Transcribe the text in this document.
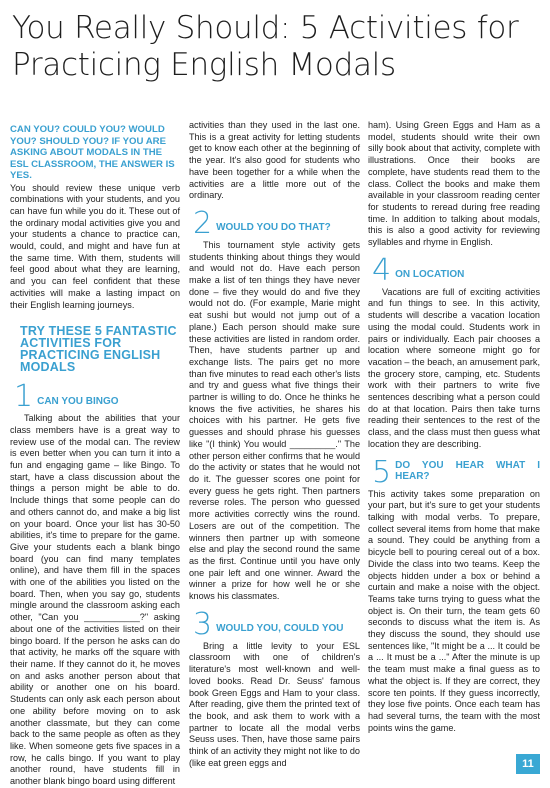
You Really Should: 5 Activities for Practicing English Modals
CAN YOU? COULD YOU? WOULD YOU? SHOULD YOU? IF YOU ARE ASKING ABOUT MODALS IN THE ESL CLASSROOM, THE ANSWER IS YES.

You should review these unique verb combinations with your students, and you can have fun while you do it. These out of the ordinary modal activities give you and your students a chance to practice can, would, could, and might and have fun at the same time. With them, students will feel good about what they are learning, and you can feel confident that these activities will make a lasting impact on their English learning journeys.

TRY THESE 5 FANTASTIC ACTIVITIES FOR PRACTICING ENGLISH MODALS
1 CAN YOU BINGO

Talking about the abilities that your class members have is a great way to review use of the modal can. The review is even better when you can turn it into a fun and engaging game – like Bingo. To start, have a class discussion about the things a person might be able to do. Include things that some people can do and others cannot do, and make a big list on your board. Once your list has 30-50 abilities, it's time to prepare for the game. Give your students each a blank bingo board (you can find many templates online), and have them fill in the spaces with one of the abilities you listed on the board. Then, when you say go, students mingle around the classroom asking each other, "Can you ___________?" asking about one of the activities listed on their bingo board. If the person he asks can do that activity, he marks off the square with their name. If they cannot do it, he moves on and asks another person about that ability or another one on his board. Students can only ask each person about one ability before moving on to ask another classmate, but they can come back to the same people as often as they like. When someone gets five spaces in a row, he calls bingo. If you want to play another round, have students fill in another blank bingo board using different

activities than they used in the last one. This is a great activity for letting students get to know each other at the beginning of the year. It's also good for students who have been together for a while when the activities are a little more out of the ordinary.

2 WOULD YOU DO THAT?

This tournament style activity gets students thinking about things they would and would not do. Have each person make a list of ten things they have never done – five they would do and five they would not do. (For example, Marie might eat sushi but would not jump out of a plane.) Each person should make sure these activities are listed in random order. Then, have students partner up and exchange lists. The pairs get no more than five minutes to read each other's lists and try and guess what five things their partner is willing to do. Once he thinks he knows the five activities, he shares his choices with his partner. He gets five guesses and should phrase his guesses like "(I think) You would _________." The other person either confirms that he would do the activity or states that he would not do it. The guesser scores one point for every guess he gets right. Then partners reverse roles. The person who guessed more activities correctly wins the round. Losers are out of the competition. The winners then partner up with someone else and play the second round the same as the first. Continue until you have only one pair left and one winner. Award the winner a prize for how well he or she knows his classmates.

3 WOULD YOU, COULD YOU

Bring a little levity to your ESL classroom with one of children's literature's most well-known and well-loved books. Read Dr. Seuss' famous book Green Eggs and Ham to your class. After reading, give them the printed text of the book, and ask them to work with a partner to locate all the modal verbs Seuss uses. Then, have those same pairs think of an activity they might not like to do (like eat green eggs and

ham). Using Green Eggs and Ham as a model, students should write their own silly book about that activity, complete with illustrations. Once their books are complete, have students read them to the class. Collect the books and make them available in your classroom reading center for students to reread during free reading time. In addition to talking about modals, this is also a good activity for reviewing syllables and rhyme in English.

4 ON LOCATION

Vacations are full of exciting activities and fun things to see. In this activity, students will describe a vacation location using the modal could. Students work in pairs or individually. Each pair chooses a location where someone might go for vacation – the beach, an amusement park, the grocery store, camping, etc. Students work with their partners to write five sentences describing what a person could do at that location. Pairs then take turns reading their sentences to the rest of the class, and the class must then guess what location they are describing.

5 DO YOU HEAR WHAT I HEAR?

This activity takes some preparation on your part, but it's sure to get your students talking with modal verbs. To prepare, collect several items from home that make a sound. They could be anything from a bicycle bell to pouring cereal out of a box. Divide the class into two teams. Keep the objects hidden under a box or behind a curtain and make a noise with the object. Teams take turns trying to guess what the object is. On their turn, the team gets 60 seconds to discuss what the item is. As they discuss the sound, they should use sentences like, "It might be a ... It could be a ... It must be a ..." After the minute is up the team must make a final guess as to what the object is. If they are correct, they score ten points. If they guess incorrectly, they lose five points. Once each team has had several turns, the team with the most points wins the game.

11
